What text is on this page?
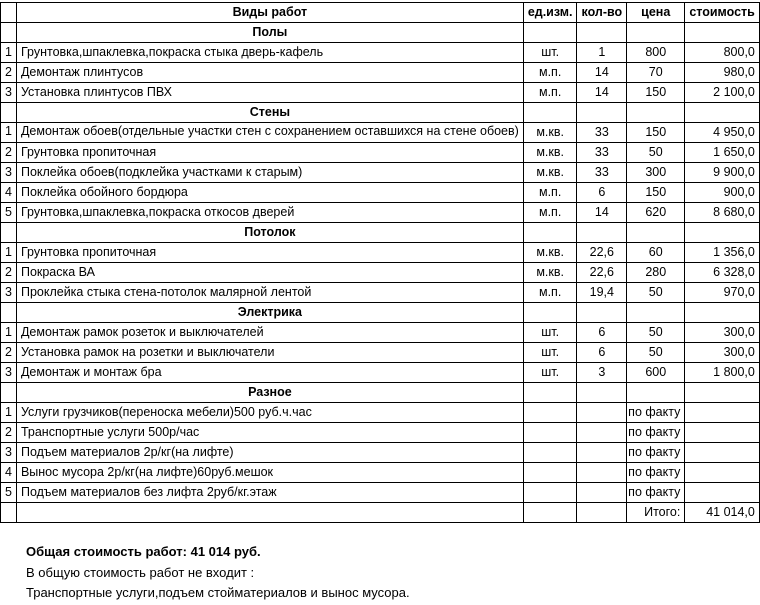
	Виды работ	ед.изм.	кол-во	цена	стоимость
	Полы				
1	Грунтовка,шпаклевка,покраска стыка дверь-кафель	шт.	1	800	800,0
2	Демонтаж плинтусов	м.п.	14	70	980,0
3	Установка плинтусов ПВХ	м.п.	14	150	2 100,0
	Стены				
1	Демонтаж обоев(отдельные участки стен с сохранением оставшихся на стене обоев)	м.кв.	33	150	4 950,0
2	Грунтовка пропиточная	м.кв.	33	50	1 650,0
3	Поклейка обоев(подклейка участками к старым)	м.кв.	33	300	9 900,0
4	Поклейка обойного бордюра	м.п.	6	150	900,0
5	Грунтовка,шпаклевка,покраска откосов дверей	м.п.	14	620	8 680,0
	Потолок				
1	Грунтовка пропиточная	м.кв.	22,6	60	1 356,0
2	Покраска ВА	м.кв.	22,6	280	6 328,0
3	Проклейка стыка стена-потолок малярной лентой	м.п.	19,4	50	970,0
	Электрика				
1	Демонтаж рамок розеток и выключателей	шт.	6	50	300,0
2	Установка рамок на розетки и выключатели	шт.	6	50	300,0
3	Демонтаж и монтаж бра	шт.	3	600	1 800,0
	Разное				
1	Услуги грузчиков(переноска мебели)500 руб.ч.час			по факту	
2	Транспортные услуги 500р/час			по факту	
3	Подъем материалов 2р/кг(на лифте)			по факту	
4	Вынос мусора 2р/кг(на лифте)60руб.мешок			по факту	
5	Подъем материалов без лифта 2руб/кг.этаж			по факту	
				Итого:	41 014,0
Общая стоимость работ: 41 014 руб.
В общую стоимость работ не входит :
Транспортные услуги,подъем стойматериалов и вынос мусора.
